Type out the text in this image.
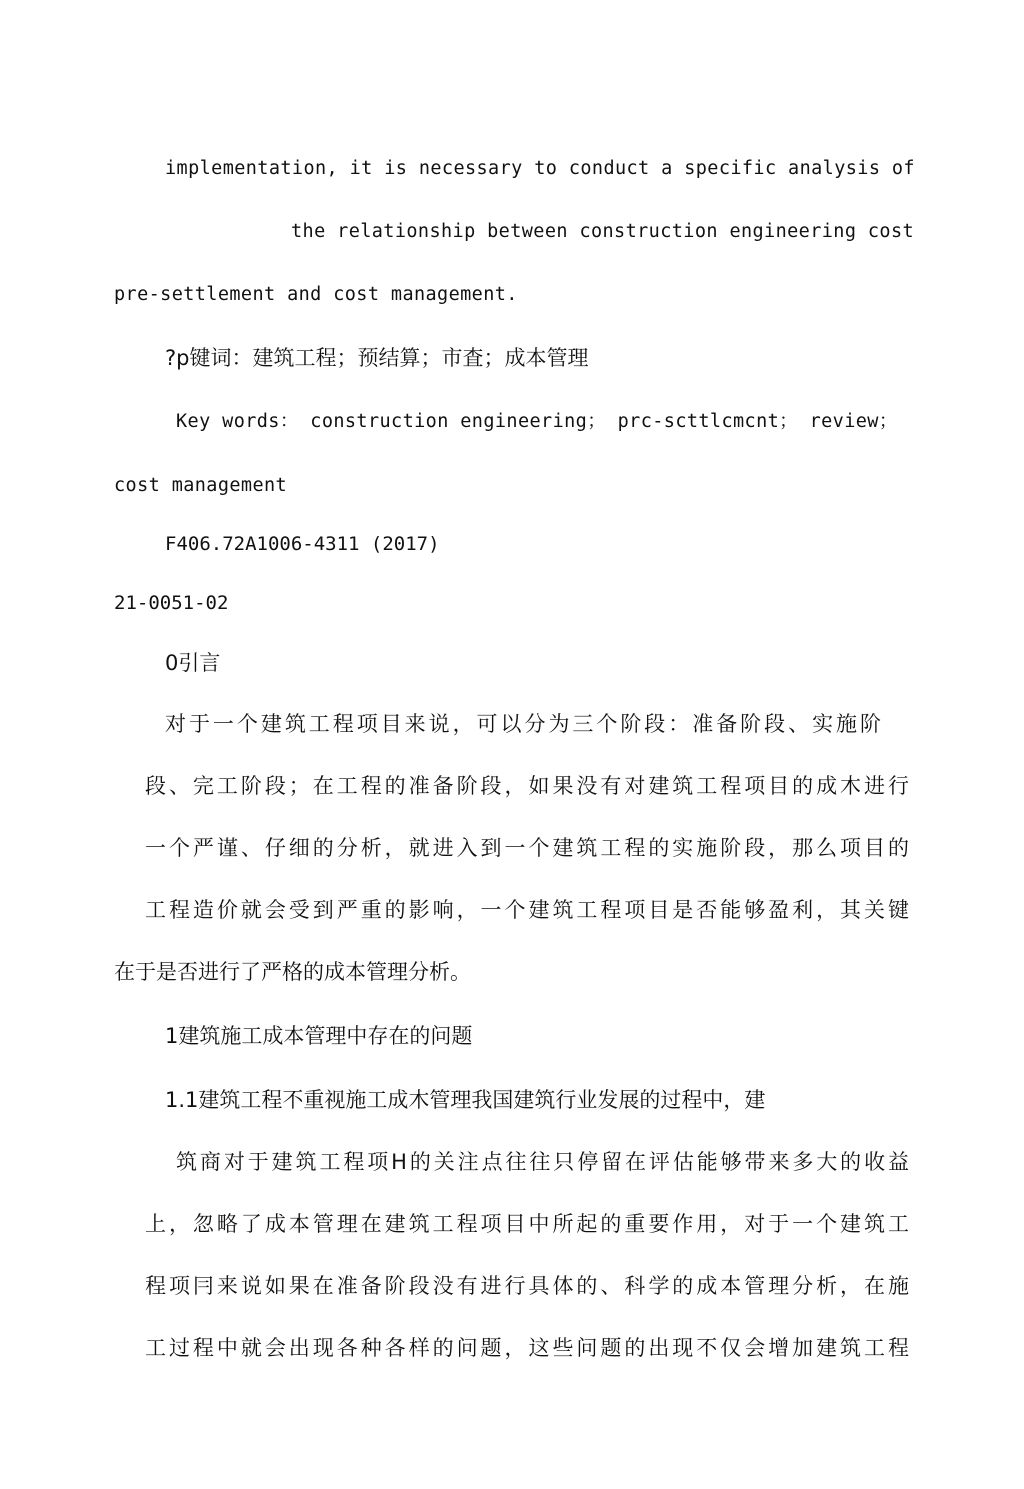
implementation, it is necessary to conduct a specific analysis of
the relationship between construction engineering cost
pre-settlement and cost management.
?p键词：建筑工程；预结算；市査；成本管理
Key words： construction engineering； prc-scttlcmcnt； review；
cost management
F406.72A1006-4311 (2017)
21-0051-02
0引言
对于一个建筑工程项目来说，可以分为三个阶段：准备阶段、实施阶
段、完工阶段；在工程的准备阶段，如果没有对建筑工程项目的成木进行
一个严谨、仔细的分析，就进入到一个建筑工程的实施阶段，那么项目的
工程造价就会受到严重的影响，一个建筑工程项目是否能够盈利，其关键
在于是否进行了严格的成本管理分析。
1建筑施工成本管理中存在的问题
1.1建筑工程不重视施工成木管理我国建筑行业发展的过程中，建
筑商对于建筑工程项H的关注点往往只停留在评估能够带来多大的收益
上，忽略了成本管理在建筑工程项目中所起的重要作用，对于一个建筑工
程项冃来说如果在准备阶段没有进行具体的、科学的成本管理分析，在施
工过程中就会出现各种各样的问题，这些问题的出现不仅会增加建筑工程
